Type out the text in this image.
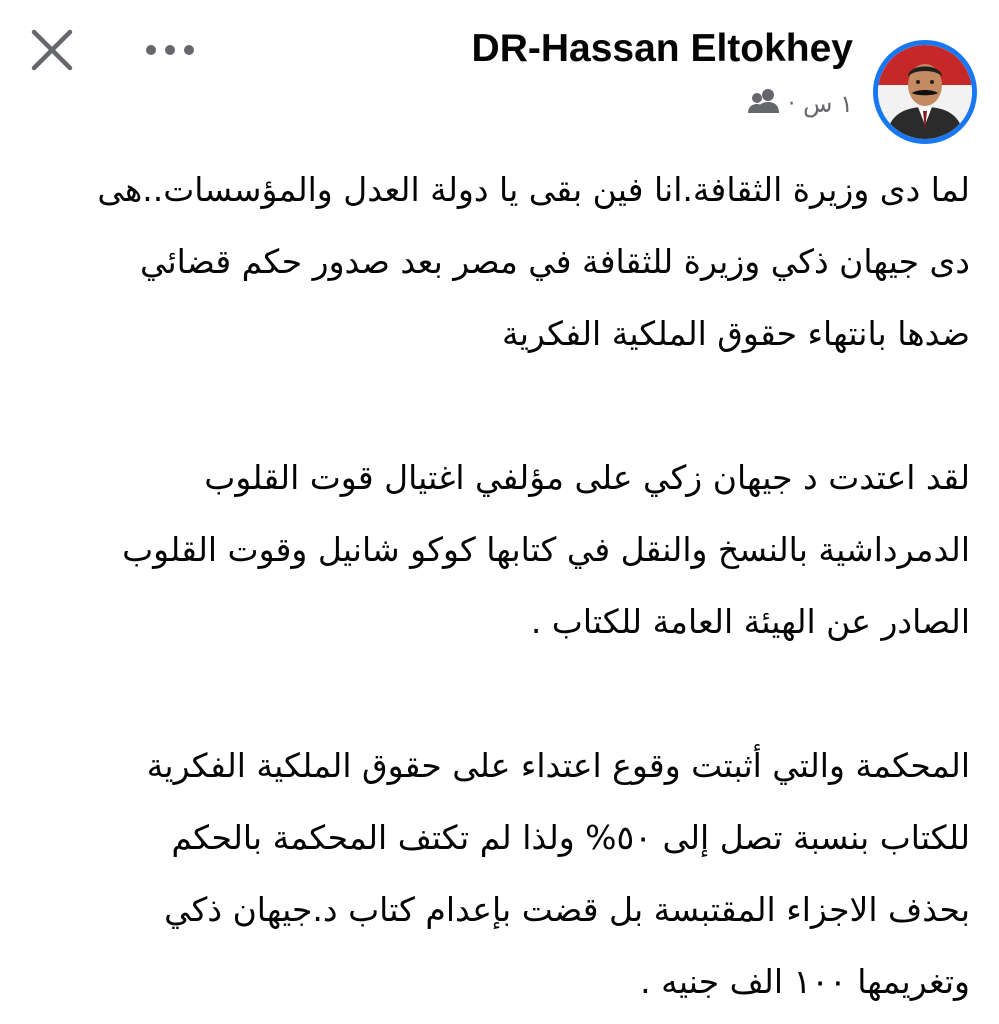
DR-Hassan Eltokhey
١ س
·
لما دى وزيرة الثقافة.انا فين بقى يا دولة العدل والمؤسسات..هى
دى جيهان ذكي وزيرة للثقافة في مصر بعد صدور حكم قضائي
ضدها بانتهاء حقوق الملكية الفكرية
لقد اعتدت د جيهان زكي على مؤلفي اغتيال قوت القلوب
الدمرداشية بالنسخ والنقل في كتابها كوكو شانيل وقوت القلوب
الصادر عن الهيئة العامة للكتاب .
المحكمة والتي أثبتت وقوع اعتداء على حقوق الملكية الفكرية
للكتاب بنسبة تصل إلى ٥٠% ولذا لم تكتف المحكمة بالحكم
بحذف الاجزاء المقتبسة بل قضت بإعدام كتاب د.جيهان ذكي
وتغريمها ١٠٠ الف جنيه .
